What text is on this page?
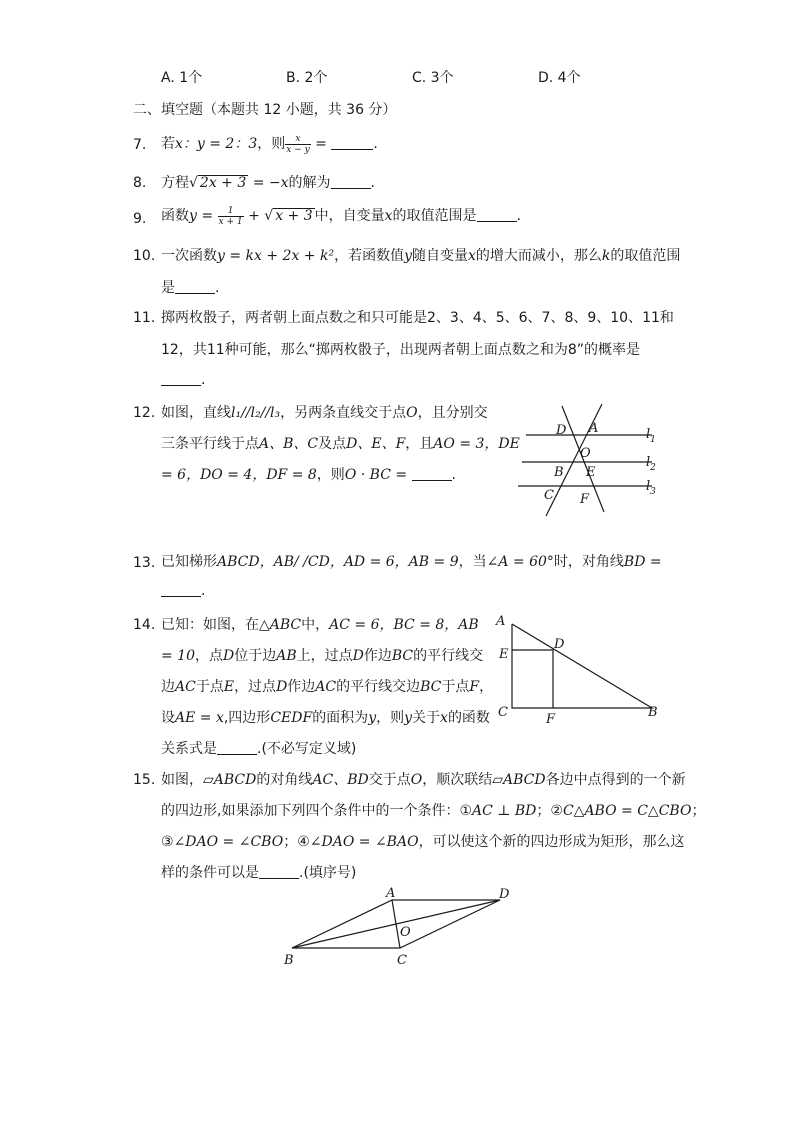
A. 1个	B. 2个	C. 3个	D. 4个
二、填空题（本题共 12 小题，共 36 分）
7. 若x：y = 2：3，则 $\frac{x}{x - y}$ =	.
8. 方程√ 2x + 3 = −x的解为	.
9. 函数$y = \frac{1}{x + 1}$ + √ x + 3 中，自变量x的取值范围是	.
10. 一次函数y = kx + 2x + k²，若函数值y随自变量x的增大而减小，那么k的取值范围
是	.
11. 掷两枚骰子，两者朝上面点数之和只可能是2、3、4、5、6、7、8、9、10、11和
12，共11种可能，那么“掷两枚骰子，出现两者朝上面点数之和为8”的概率是
.
12. 如图，直线l₁//l₂//l₃，另两条直线交于点O，且分别交
三条平行线于点A、B、C及点D、E、F，且AO = 3，DE
= 6，DO = 4，DF = 8，则O · BC =	.
D A
O
B E
C F
$l_1$
$l_2$
$l_3$
13. 已知梯形ABCD，AB/ /CD，AD = 6，AB = 9，当∠A = 60°时，对角线BD =
.
14. 已知：如图，在△ABC中，AC = 6，BC = 8，AB
= 10，点D位于边AB上，过点D作边BC的平行线交
边AC于点E，过点D作边AC的平行线交边BC于点F，
设AE = x,四边形CEDF的面积为y，则y关于x的函数
关系式是	.(不必写定义域)
A
D
E
C	F	B
15. 如图，▱ABCD的对角线AC、BD交于点O，顺次联结▱ABCD各边中点得到的一个新
的四边形,如果添加下列四个条件中的一个条件：①AC ⊥ BD；②C△ABO = C△CBO；
③∠DAO = ∠CBO；④∠DAO = ∠BAO，可以使这个新的四边形成为矩形，那么这
样的条件可以是	.(填序号)
A	D
O
B	C
